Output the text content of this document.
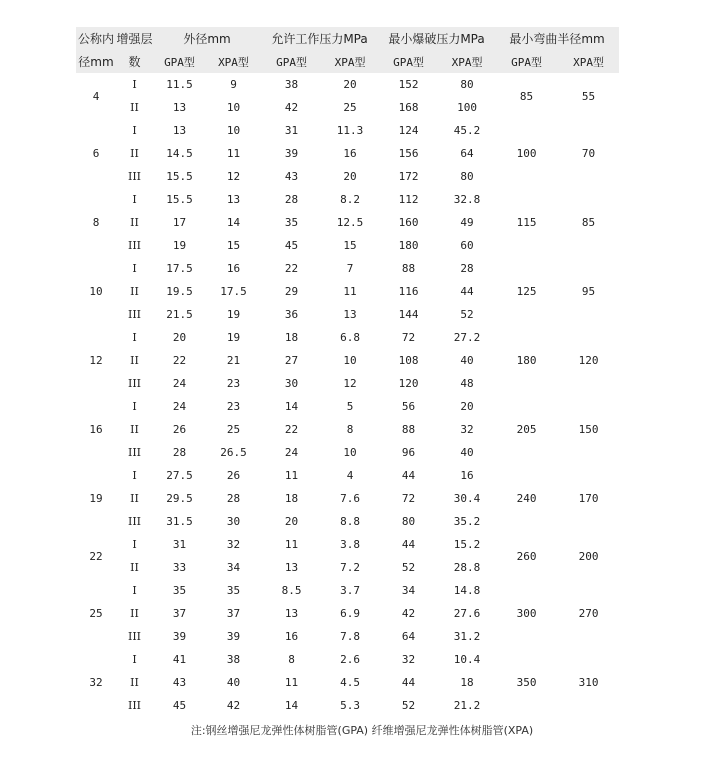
公称内	增强层	外径mm		允许工作压力MPa		最小爆破压力MPa		最小弯曲半径mm	
径mm	数	GPA型	XPA型	GPA型	XPA型	GPA型	XPA型	GPA型	XPA型
4	I	11.5	9	38	20	152	80	85	55
	II	13	10	42	25	168	100		
6	I	13	10	31	11.3	124	45.2	100	70
	II	14.5	11	39	16	156	64		
	III	15.5	12	43	20	172	80		
8	I	15.5	13	28	8.2	112	32.8	115	85
	II	17	14	35	12.5	160	49		
	III	19	15	45	15	180	60		
10	I	17.5	16	22	7	88	28	125	95
	II	19.5	17.5	29	11	116	44		
	III	21.5	19	36	13	144	52		
12	I	20	19	18	6.8	72	27.2	180	120
	II	22	21	27	10	108	40		
	III	24	23	30	12	120	48		
16	I	24	23	14	5	56	20	205	150
	II	26	25	22	8	88	32		
	III	28	26.5	24	10	96	40		
19	I	27.5	26	11	4	44	16	240	170
	II	29.5	28	18	7.6	72	30.4		
	III	31.5	30	20	8.8	80	35.2		
22	I	31	32	11	3.8	44	15.2	260	200
	II	33	34	13	7.2	52	28.8		
25	I	35	35	8.5	3.7	34	14.8	300	270
	II	37	37	13	6.9	42	27.6		
	III	39	39	16	7.8	64	31.2		
32	I	41	38	8	2.6	32	10.4	350	310
	II	43	40	11	4.5	44	18		
	III	45	42	14	5.3	52	21.2		
注:钢丝增强尼龙弹性体树脂管(GPA) 纤维增强尼龙弹性体树脂管(XPA)
